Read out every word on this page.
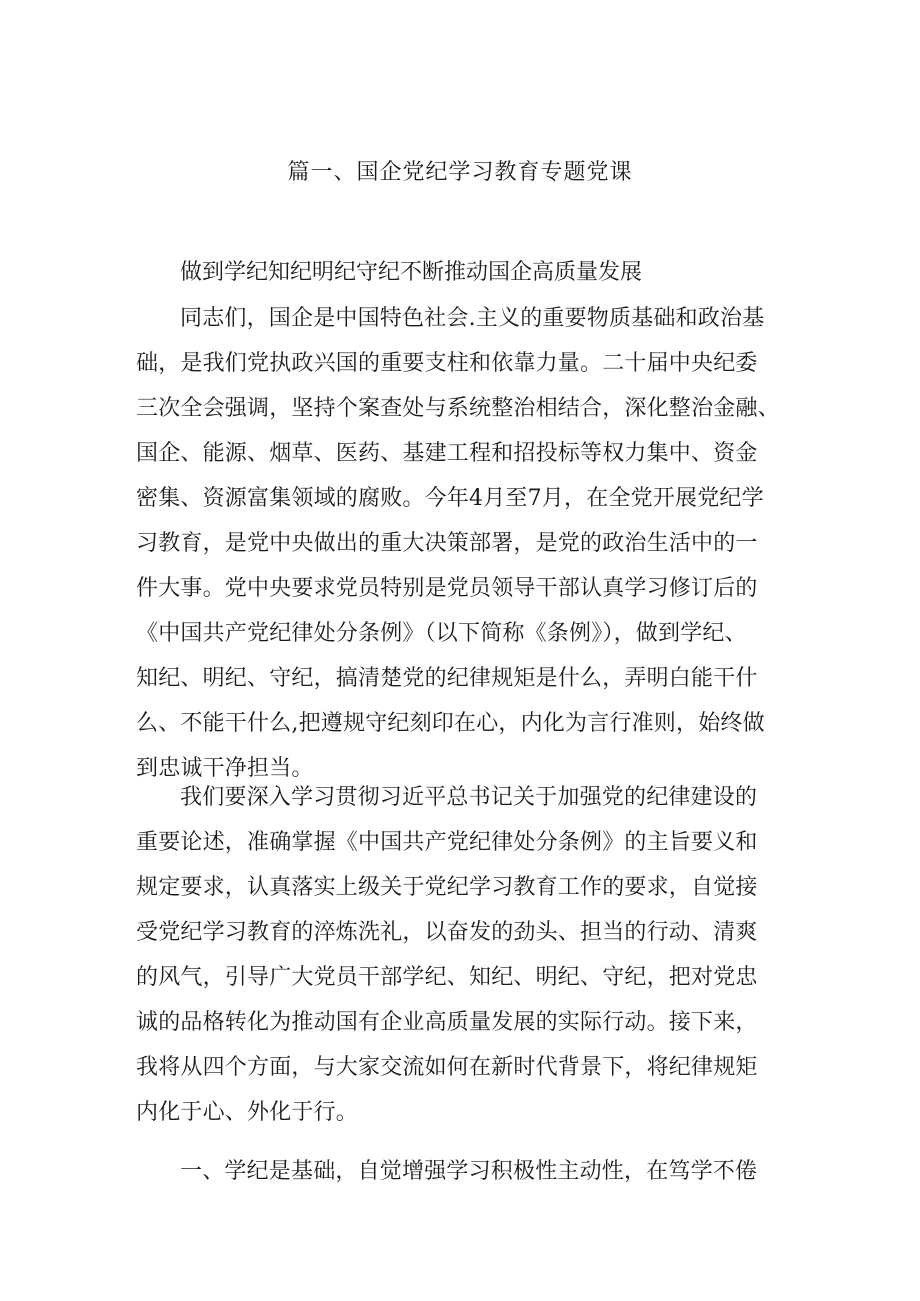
篇一、国企党纪学习教育专题党课

做到学纪知纪明纪守纪不断推动国企高质量发展

同志们，国企是中国特色社会.主义的重要物质基础和政治基
础，是我们党执政兴国的重要支柱和依靠力量。二十届中央纪委
三次全会强调，坚持个案查处与系统整治相结合，深化整治金融、
国企、能源、烟草、医药、基建工程和招投标等权力集中、资金
密集、资源富集领域的腐败。今年4月至7月，在全党开展党纪学
习教育，是党中央做出的重大决策部署，是党的政治生活中的一
件大事。党中央要求党员特别是党员领导干部认真学习修订后的
《中国共产党纪律处分条例》（以下简称《条例》），做到学纪、
知纪、明纪、守纪，搞清楚党的纪律规矩是什么，弄明白能干什
么、不能干什么,把遵规守纪刻印在心，内化为言行准则，始终做
到忠诚干净担当。
我们要深入学习贯彻习近平总书记关于加强党的纪律建设的
重要论述，准确掌握《中国共产党纪律处分条例》的主旨要义和
规定要求，认真落实上级关于党纪学习教育工作的要求，自觉接
受党纪学习教育的淬炼洗礼，以奋发的劲头、担当的行动、清爽
的风气，引导广大党员干部学纪、知纪、明纪、守纪，把对党忠
诚的品格转化为推动国有企业高质量发展的实际行动。接下来，
我将从四个方面，与大家交流如何在新时代背景下，将纪律规矩
内化于心、外化于行。
一、学纪是基础，自觉增强学习积极性主动性，在笃学不倦
